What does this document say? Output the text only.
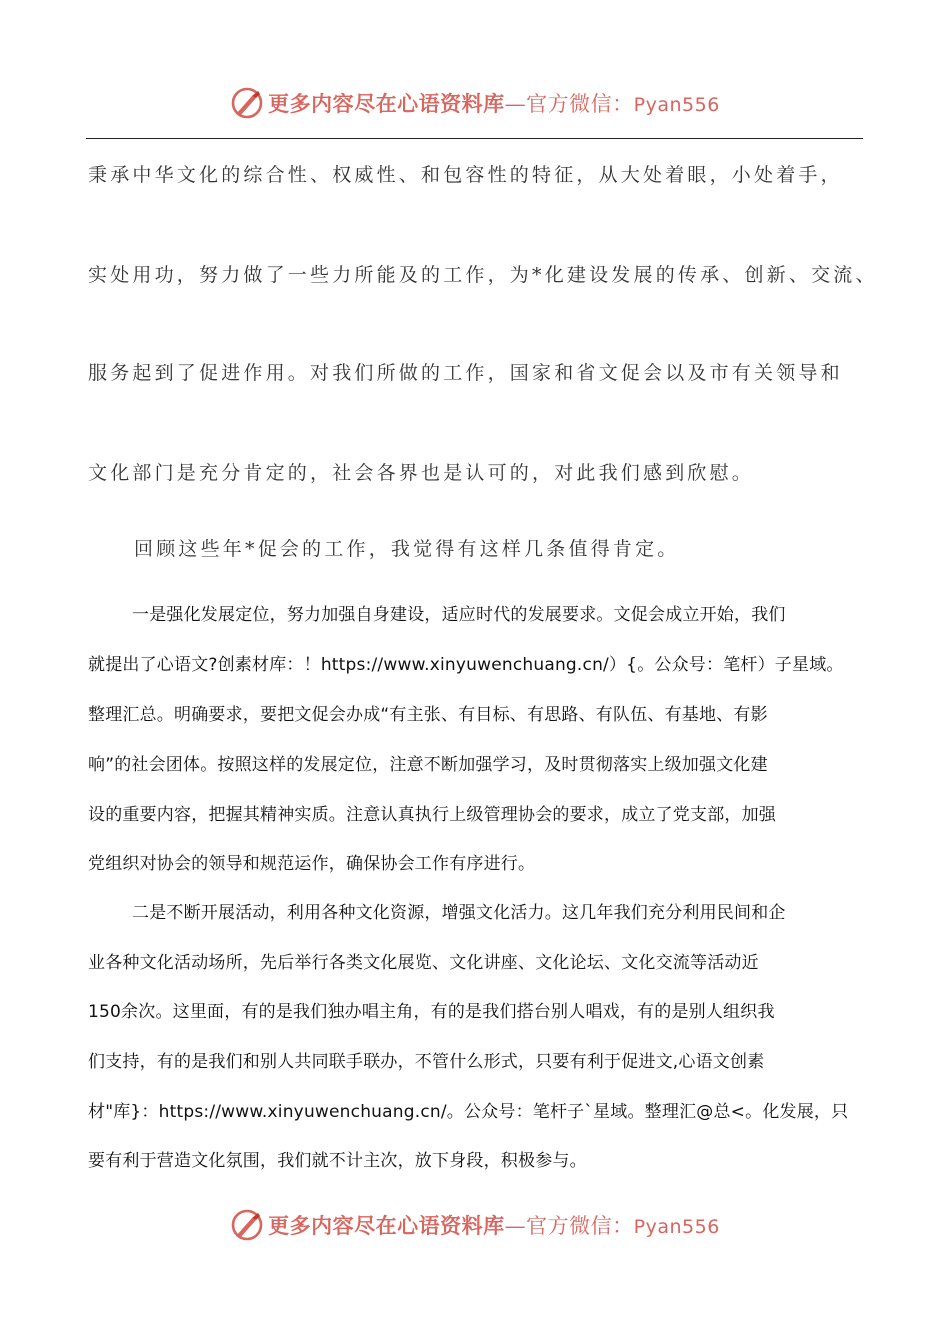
更多内容尽在心语资料库—官方微信：Pyan556
秉承中华文化的综合性、权威性、和包容性的特征，从大处着眼，小处着手，
实处用功，努力做了一些力所能及的工作，为*化建设发展的传承、创新、交流、
服务起到了促进作用。对我们所做的工作，国家和省文促会以及市有关领导和
文化部门是充分肯定的，社会各界也是认可的，对此我们感到欣慰。
回顾这些年*促会的工作，我觉得有这样几条值得肯定。
一是强化发展定位，努力加强自身建设，适应时代的发展要求。文促会成立开始，我们
就提出了心语文?创素材库：！https://www.xinyuwenchuang.cn/）{。公众号：笔杆）子星域。
整理汇总。明确要求，要把文促会办成“有主张、有目标、有思路、有队伍、有基地、有影
响”的社会团体。按照这样的发展定位，注意不断加强学习，及时贯彻落实上级加强文化建
设的重要内容，把握其精神实质。注意认真执行上级管理协会的要求，成立了党支部，加强
党组织对协会的领导和规范运作，确保协会工作有序进行。
二是不断开展活动，利用各种文化资源，增强文化活力。这几年我们充分利用民间和企
业各种文化活动场所，先后举行各类文化展览、文化讲座、文化论坛、文化交流等活动近
150余次。这里面，有的是我们独办唱主角，有的是我们搭台别人唱戏，有的是别人组织我
们支持，有的是我们和别人共同联手联办，不管什么形式，只要有利于促进文,心语文创素
材"库}：https://www.xinyuwenchuang.cn/。公众号：笔杆子`星域。整理汇@总<。化发展，只
要有利于营造文化氛围，我们就不计主次，放下身段，积极参与。
更多内容尽在心语资料库—官方微信：Pyan556
